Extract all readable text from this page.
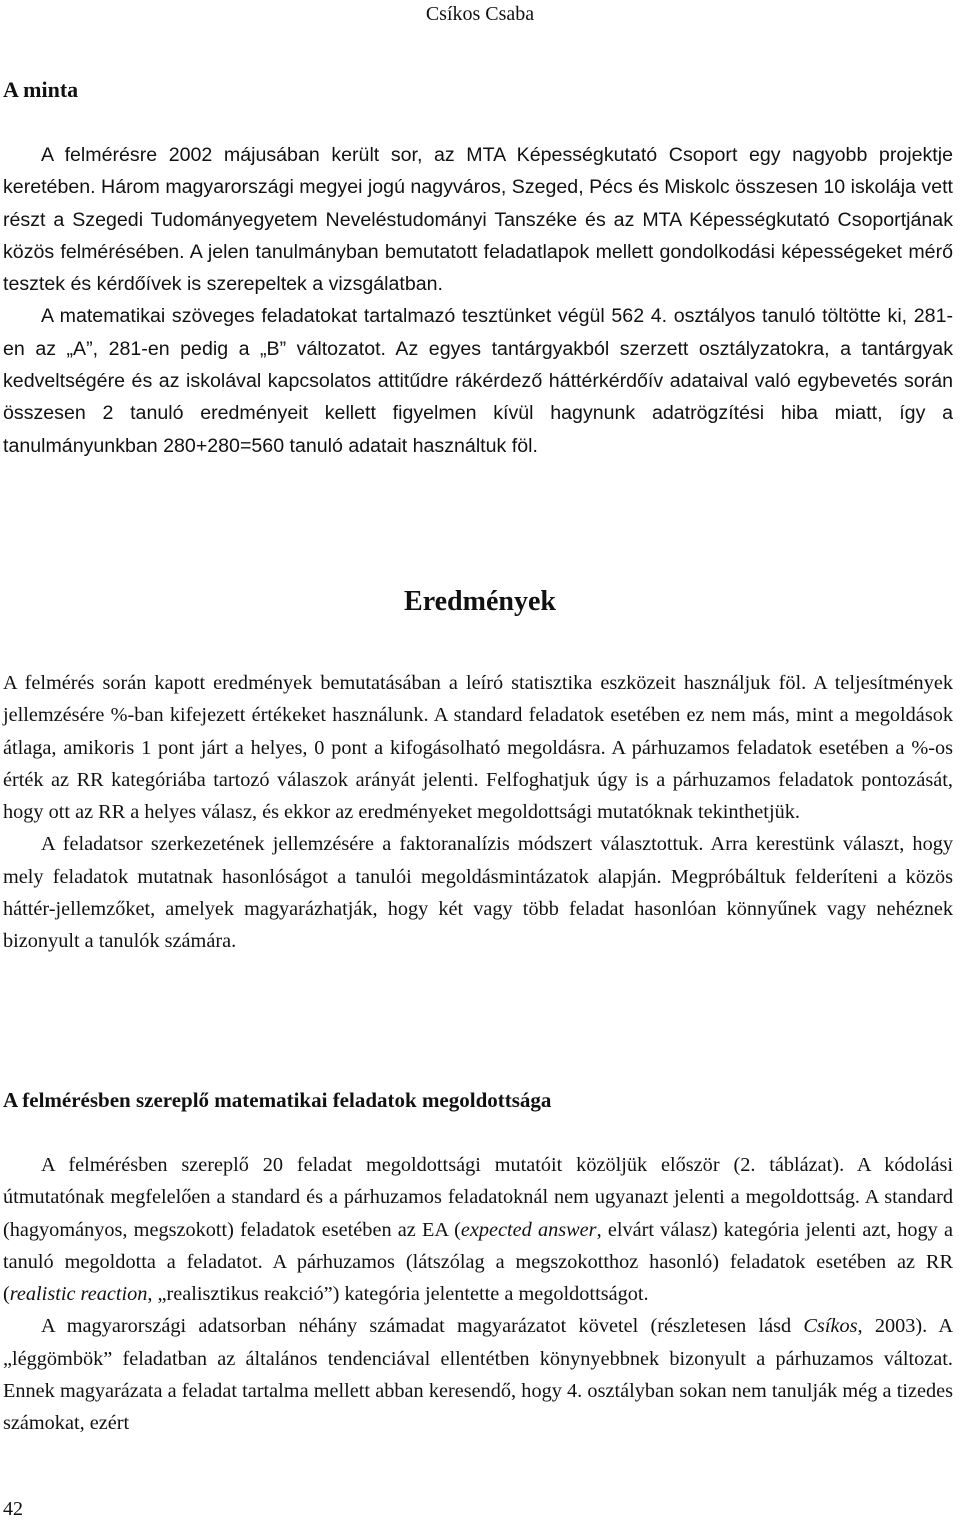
Csíkos Csaba
A minta

A felmérésre 2002 májusában került sor, az MTA Képességkutató Csoport egy nagyobb projektje keretében. Három magyarországi megyei jogú nagyváros, Szeged, Pécs és Miskolc összesen 10 iskolája vett részt a Szegedi Tudományegyetem Neveléstudományi Tanszéke és az MTA Képességkutató Csoportjának közös felmérésében. A jelen tanulmányban bemutatott feladatlapok mellett gondolkodási képességeket mérő tesztek és kérdőívek is szerepeltek a vizsgálatban.

A matematikai szöveges feladatokat tartalmazó tesztünket végül 562 4. osztályos tanuló töltötte ki, 281-en az „A”, 281-en pedig a „B” változatot. Az egyes tantárgyakból szerzett osztályzatokra, a tantárgyak kedveltségére és az iskolával kapcsolatos attitűdre rákérdező háttérkérdőív adataival való egybevetés során összesen 2 tanuló eredményeit kellett figyelmen kívül hagynunk adatrögzítési hiba miatt, így a tanulmányunkban 280+280=560 tanuló adatait használtuk föl.

Eredmények

A felmérés során kapott eredmények bemutatásában a leíró statisztika eszközeit használjuk föl. A teljesítmények jellemzésére %-ban kifejezett értékeket használunk. A standard feladatok esetében ez nem más, mint a megoldások átlaga, amikoris 1 pont járt a helyes, 0 pont a kifogásolható megoldásra. A párhuzamos feladatok esetében a %-os érték az RR kategóriába tartozó válaszok arányát jelenti. Felfoghatjuk úgy is a párhuzamos feladatok pontozását, hogy ott az RR a helyes válasz, és ekkor az eredményeket megoldottsági mutatóknak tekinthetjük.

A feladatsor szerkezetének jellemzésére a faktoranalízis módszert választottuk. Arra kerestünk választ, hogy mely feladatok mutatnak hasonlóságot a tanulói megoldásmintázatok alapján. Megpróbáltuk felderíteni a közös háttér-jellemzőket, amelyek magyarázhatják, hogy két vagy több feladat hasonlóan könnyűnek vagy nehéznek bizonyult a tanulók számára.

A felmérésben szereplő matematikai feladatok megoldottsága

A felmérésben szereplő 20 feladat megoldottsági mutatóit közöljük először (2. táblázat). A kódolási útmutatónak megfelelően a standard és a párhuzamos feladatoknál nem ugyanazt jelenti a megoldottság. A standard (hagyományos, megszokott) feladatok esetében az EA (expected answer, elvárt válasz) kategória jelenti azt, hogy a tanuló megoldotta a feladatot. A párhuzamos (látszólag a megszokotthoz hasonló) feladatok esetében az RR (realistic reaction, „realisztikus reakció”) kategória jelentette a megoldottságot.

A magyarországi adatsorban néhány számadat magyarázatot követel (részletesen lásd Csíkos, 2003). A „léggömbök” feladatban az általános tendenciával ellentétben könynyebbnek bizonyult a párhuzamos változat. Ennek magyarázata a feladat tartalma mellett abban keresendő, hogy 4. osztályban sokan nem tanulják még a tizedes számokat, ezért

42
